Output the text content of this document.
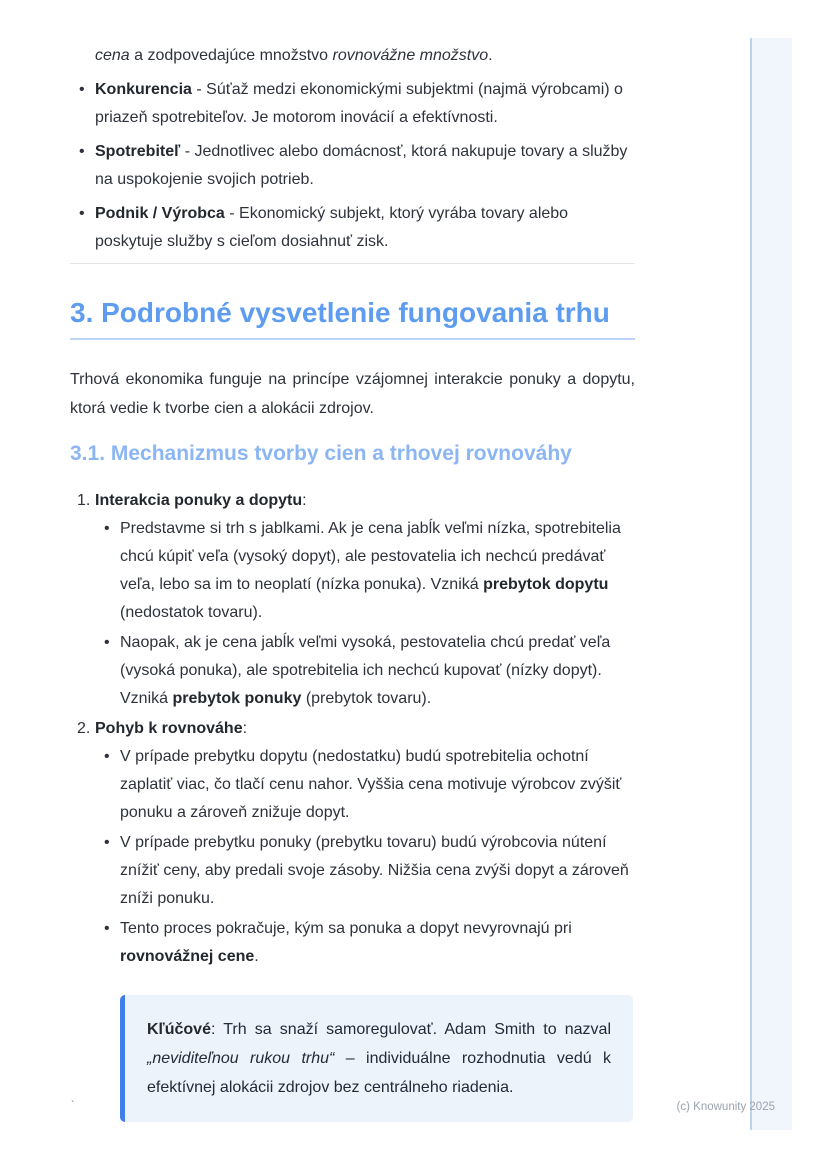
cena a zodpovedajúce množstvo rovnovážne množstvo.
• Konkurencia - Súťaž medzi ekonomickými subjektmi (najmä výrobcami) o priazeň spotrebiteľov. Je motorom inovácií a efektívnosti.
• Spotrebiteľ - Jednotlivec alebo domácnosť, ktorá nakupuje tovary a služby na uspokojenie svojich potrieb.
• Podnik / Výrobca - Ekonomický subjekt, ktorý vyrába tovary alebo poskytuje služby s cieľom dosiahnuť zisk.
3. Podrobné vysvetlenie fungovania trhu

Trhová ekonomika funguje na princípe vzájomnej interakcie ponuky a dopytu, ktorá vedie k tvorbe cien a alokácii zdrojov.

3.1. Mechanizmus tvorby cien a trhovej rovnováhy
1. Interakcia ponuky a dopytu:
• Predstavme si trh s jablkami. Ak je cena jabĺk veľmi nízka, spotrebitelia chcú kúpiť veľa (vysoký dopyt), ale pestovatelia ich nechcú predávať veľa, lebo sa im to neoplatí (nízka ponuka). Vzniká prebytok dopytu (nedostatok tovaru).
• Naopak, ak je cena jabĺk veľmi vysoká, pestovatelia chcú predať veľa (vysoká ponuka), ale spotrebitelia ich nechcú kupovať (nízky dopyt). Vzniká prebytok ponuky (prebytok tovaru).
2. Pohyb k rovnováhe:
• V prípade prebytku dopytu (nedostatku) budú spotrebitelia ochotní zaplatiť viac, čo tlačí cenu nahor. Vyššia cena motivuje výrobcov zvýšiť ponuku a zároveň znižuje dopyt.
• V prípade prebytku ponuky (prebytku tovaru) budú výrobcovia nútení znížiť ceny, aby predali svoje zásoby. Nižšia cena zvýši dopyt a zároveň zníži ponuku.
• Tento proces pokračuje, kým sa ponuka a dopyt nevyrovnajú pri rovnovážnej cene.

Kľúčové: Trh sa snaží samoregulovať. Adam Smith to nazval „neviditeľnou rukou trhu“ – individuálne rozhodnutia vedú k efektívnej alokácii zdrojov bez centrálneho riadenia.

`	(c) Knowunity 2025
